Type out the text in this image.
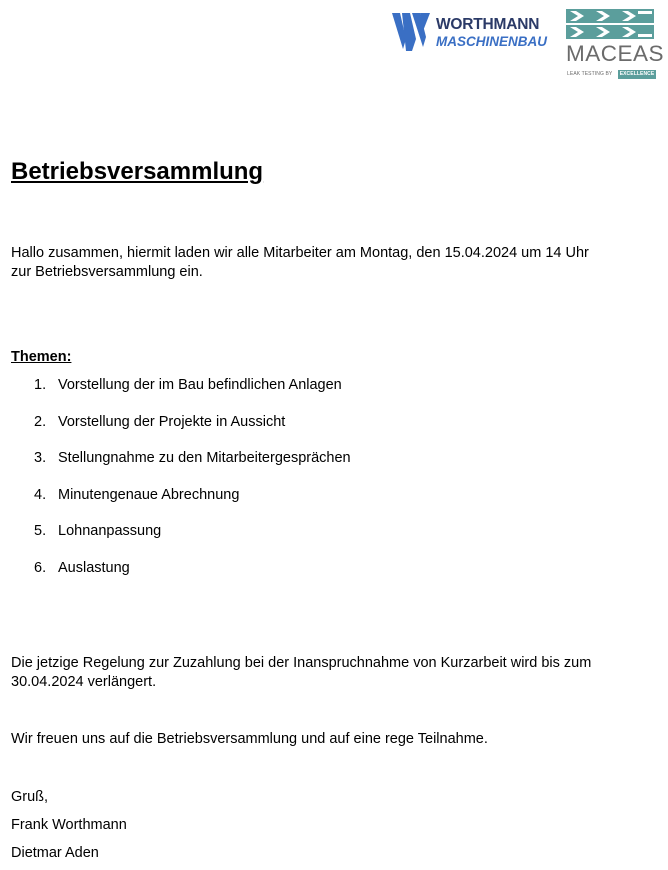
WORTHMANN
MASCHINENBAU MACEAS
LEAK TESTING BY	EXCELLENCE
Betriebsversammlung

Hallo zusammen, hiermit laden wir alle Mitarbeiter am Montag, den 15.04.2024 um 14 Uhr zur Betriebsversammlung ein.

Themen:

1. Vorstellung der im Bau befindlichen Anlagen
2. Vorstellung der Projekte in Aussicht
3. Stellungnahme zu den Mitarbeitergesprächen
4. Minutengenaue Abrechnung
5. Lohnanpassung
6. Auslastung

Die jetzige Regelung zur Zuzahlung bei der Inanspruchnahme von Kurzarbeit wird bis zum 30.04.2024 verlängert.

Wir freuen uns auf die Betriebsversammlung und auf eine rege Teilnahme.

Gruß,

Frank Worthmann

Dietmar Aden
